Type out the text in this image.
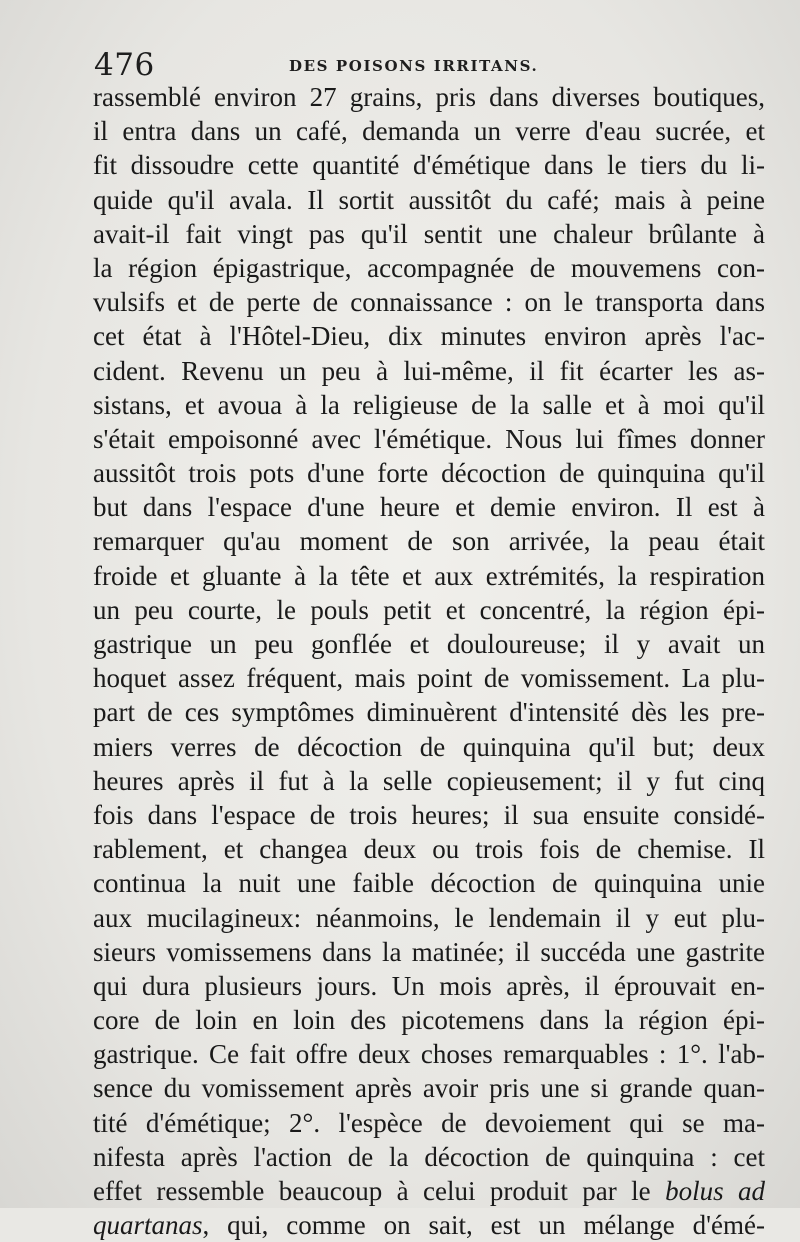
476	DES POISONS IRRITANS.
rassemblé environ 27 grains, pris dans diverses boutiques,
il entra dans un café, demanda un verre d'eau sucrée, et
fit dissoudre cette quantité d'émétique dans le tiers du li-
quide qu'il avala. Il sortit aussitôt du café; mais à peine
avait-il fait vingt pas qu'il sentit une chaleur brûlante à
la région épigastrique, accompagnée de mouvemens con-
vulsifs et de perte de connaissance : on le transporta dans
cet état à l'Hôtel-Dieu, dix minutes environ après l'ac-
cident. Revenu un peu à lui-même, il fit écarter les as-
sistans, et avoua à la religieuse de la salle et à moi qu'il
s'était empoisonné avec l'émétique. Nous lui fîmes donner
aussitôt trois pots d'une forte décoction de quinquina qu'il
but dans l'espace d'une heure et demie environ. Il est à
remarquer qu'au moment de son arrivée, la peau était
froide et gluante à la tête et aux extrémités, la respiration
un peu courte, le pouls petit et concentré, la région épi-
gastrique un peu gonflée et douloureuse; il y avait un
hoquet assez fréquent, mais point de vomissement. La plu-
part de ces symptômes diminuèrent d'intensité dès les pre-
miers verres de décoction de quinquina qu'il but; deux
heures après il fut à la selle copieusement; il y fut cinq
fois dans l'espace de trois heures; il sua ensuite considé-
rablement, et changea deux ou trois fois de chemise. Il
continua la nuit une faible décoction de quinquina unie
aux mucilagineux: néanmoins, le lendemain il y eut plu-
sieurs vomissemens dans la matinée; il succéda une gastrite
qui dura plusieurs jours. Un mois après, il éprouvait en-
core de loin en loin des picotemens dans la région épi-
gastrique. Ce fait offre deux choses remarquables : 1°. l'ab-
sence du vomissement après avoir pris une si grande quan-
tité d'émétique; 2°. l'espèce de devoiement qui se ma-
nifesta après l'action de la décoction de quinquina : cet
effet ressemble beaucoup à celui produit par le bolus ad
quartanas, qui, comme on sait, est un mélange d'émé-
